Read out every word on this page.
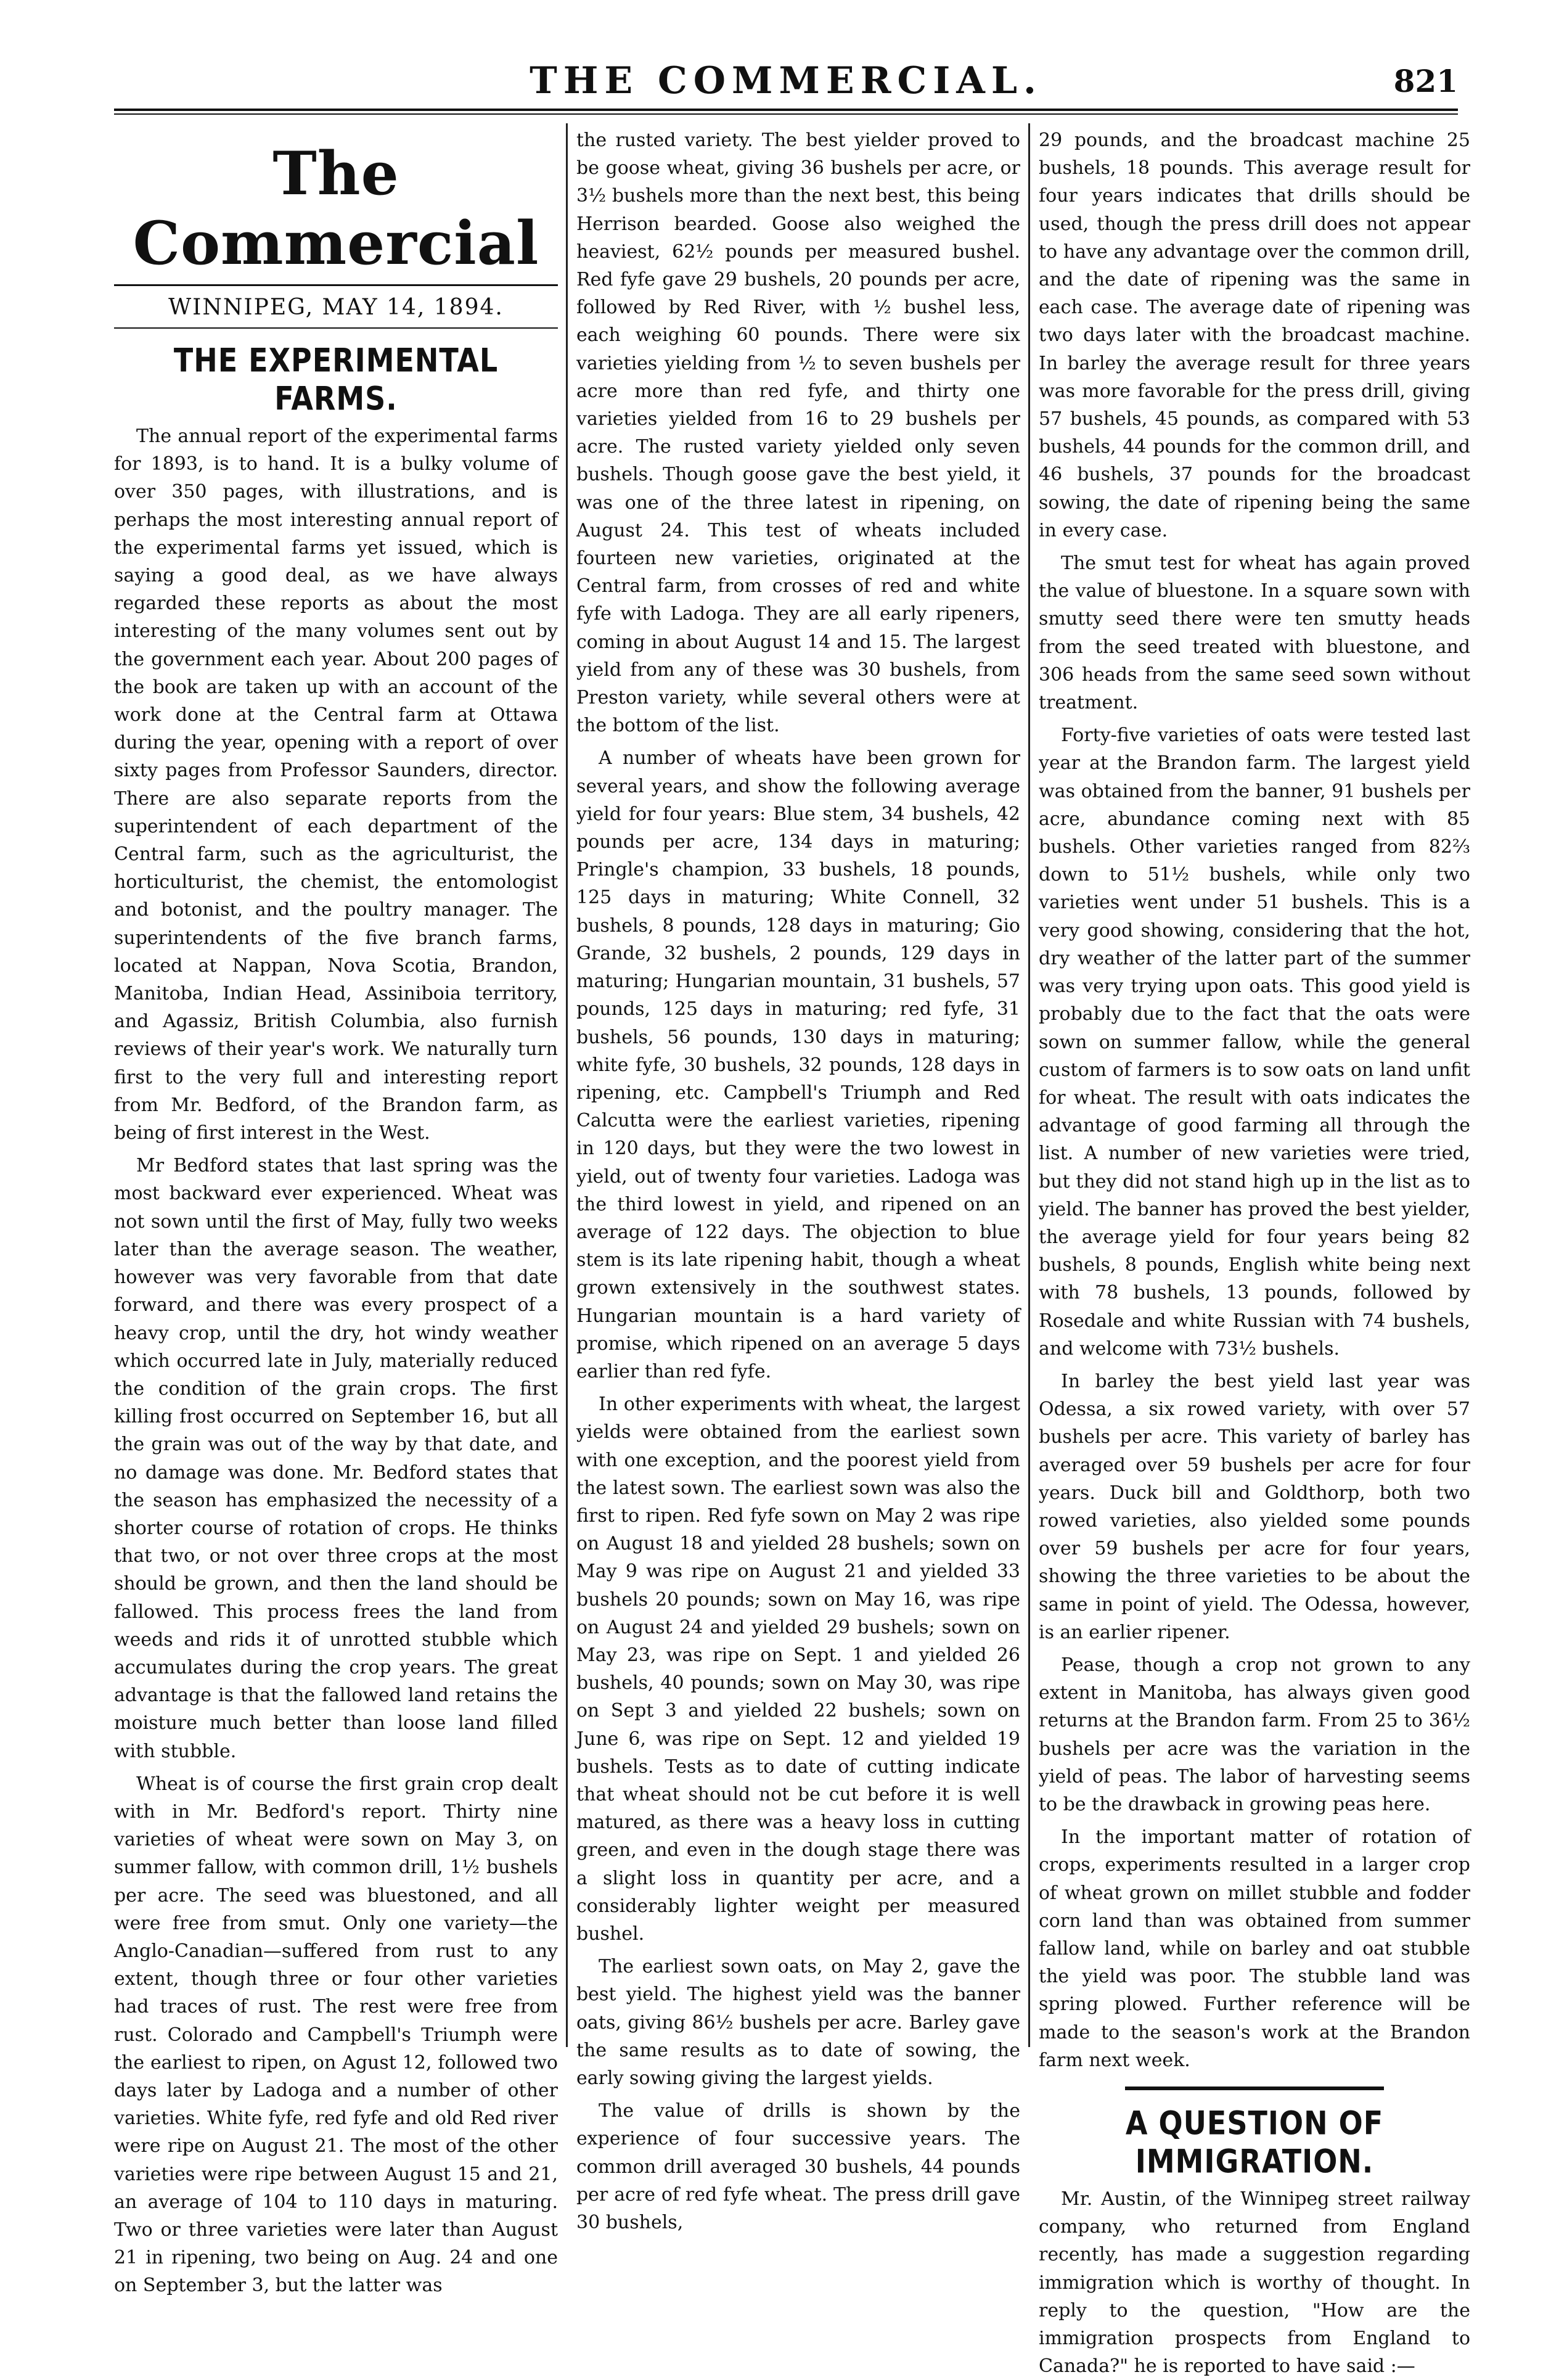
THE COMMERCIAL.	821
The Commercial
WINNIPEG, MAY 14, 1894.
THE EXPERIMENTAL FARMS.

The annual report of the experimental farms for 1893, is to hand. It is a bulky volume of over 350 pages, with illustrations, and is perhaps the most interesting annual report of the experimental farms yet issued, which is saying a good deal, as we have always regarded these reports as about the most interesting of the many volumes sent out by the government each year. About 200 pages of the book are taken up with an account of the work done at the Central farm at Ottawa during the year, opening with a report of over sixty pages from Professor Saunders, director. There are also separate reports from the superintendent of each department of the Central farm, such as the agriculturist, the horticulturist, the chemist, the entomologist and botonist, and the poultry manager. The superintendents of the five branch farms, located at Nappan, Nova Scotia, Brandon, Manitoba, Indian Head, Assiniboia territory, and Agassiz, British Columbia, also furnish reviews of their year's work. We naturally turn first to the very full and interesting report from Mr. Bedford, of the Brandon farm, as being of first interest in the West.

Mr Bedford states that last spring was the most backward ever experienced. Wheat was not sown until the first of May, fully two weeks later than the average season. The weather, however was very favorable from that date forward, and there was every prospect of a heavy crop, until the dry, hot windy weather which occurred late in July, materially reduced the condition of the grain crops. The first killing frost occurred on September 16, but all the grain was out of the way by that date, and no damage was done. Mr. Bedford states that the season has emphasized the necessity of a shorter course of rotation of crops. He thinks that two, or not over three crops at the most should be grown, and then the land should be fallowed. This process frees the land from weeds and rids it of unrotted stubble which accumulates during the crop years. The great advantage is that the fallowed land retains the moisture much better than loose land filled with stubble.

Wheat is of course the first grain crop dealt with in Mr. Bedford's report. Thirty nine varieties of wheat were sown on May 3, on summer fallow, with common drill, 1½ bushels per acre. The seed was bluestoned, and all were free from smut. Only one variety—the Anglo-Canadian—suffered from rust to any extent, though three or four other varieties had traces of rust. The rest were free from rust. Colorado and Campbell's Triumph were the earliest to ripen, on Agust 12, followed two days later by Ladoga and a number of other varieties. White fyfe, red fyfe and old Red river were ripe on August 21. The most of the other varieties were ripe between August 15 and 21, an average of 104 to 110 days in maturing. Two or three varieties were later than August 21 in ripening, two being on Aug. 24 and one on September 3, but the latter was

the rusted variety. The best yielder proved to be goose wheat, giving 36 bushels per acre, or 3½ bushels more than the next best, this being Herrison bearded. Goose also weighed the heaviest, 62½ pounds per measured bushel. Red fyfe gave 29 bushels, 20 pounds per acre, followed by Red River, with ½ bushel less, each weighing 60 pounds. There were six varieties yielding from ½ to seven bushels per acre more than red fyfe, and thirty one varieties yielded from 16 to 29 bushels per acre. The rusted variety yielded only seven bushels. Though goose gave the best yield, it was one of the three latest in ripening, on August 24. This test of wheats included fourteen new varieties, originated at the Central farm, from crosses of red and white fyfe with Ladoga. They are all early ripeners, coming in about August 14 and 15. The largest yield from any of these was 30 bushels, from Preston variety, while several others were at the bottom of the list.

A number of wheats have been grown for several years, and show the following average yield for four years: Blue stem, 34 bushels, 42 pounds per acre, 134 days in maturing; Pringle's champion, 33 bushels, 18 pounds, 125 days in maturing; White Connell, 32 bushels, 8 pounds, 128 days in maturing; Gio Grande, 32 bushels, 2 pounds, 129 days in maturing; Hungarian mountain, 31 bushels, 57 pounds, 125 days in maturing; red fyfe, 31 bushels, 56 pounds, 130 days in maturing; white fyfe, 30 bushels, 32 pounds, 128 days in ripening, etc. Campbell's Triumph and Red Calcutta were the earliest varieties, ripening in 120 days, but they were the two lowest in yield, out of twenty four varieties. Ladoga was the third lowest in yield, and ripened on an average of 122 days. The objection to blue stem is its late ripening habit, though a wheat grown extensively in the southwest states. Hungarian mountain is a hard variety of promise, which ripened on an average 5 days earlier than red fyfe.

In other experiments with wheat, the largest yields were obtained from the earliest sown with one exception, and the poorest yield from the latest sown. The earliest sown was also the first to ripen. Red fyfe sown on May 2 was ripe on August 18 and yielded 28 bushels; sown on May 9 was ripe on August 21 and yielded 33 bushels 20 pounds; sown on May 16, was ripe on August 24 and yielded 29 bushels; sown on May 23, was ripe on Sept. 1 and yielded 26 bushels, 40 pounds; sown on May 30, was ripe on Sept 3 and yielded 22 bushels; sown on June 6, was ripe on Sept. 12 and yielded 19 bushels. Tests as to date of cutting indicate that wheat should not be cut before it is well matured, as there was a heavy loss in cutting green, and even in the dough stage there was a slight loss in quantity per acre, and a considerably lighter weight per measured bushel.

The earliest sown oats, on May 2, gave the best yield. The highest yield was the banner oats, giving 86½ bushels per acre. Barley gave the same results as to date of sowing, the early sowing giving the largest yields.

The value of drills is shown by the experience of four successive years. The common drill averaged 30 bushels, 44 pounds per acre of red fyfe wheat. The press drill gave 30 bushels,

29 pounds, and the broadcast machine 25 bushels, 18 pounds. This average result for four years indicates that drills should be used, though the press drill does not appear to have any advantage over the common drill, and the date of ripening was the same in each case. The average date of ripening was two days later with the broadcast machine. In barley the average result for three years was more favorable for the press drill, giving 57 bushels, 45 pounds, as compared with 53 bushels, 44 pounds for the common drill, and 46 bushels, 37 pounds for the broadcast sowing, the date of ripening being the same in every case.

The smut test for wheat has again proved the value of bluestone. In a square sown with smutty seed there were ten smutty heads from the seed treated with bluestone, and 306 heads from the same seed sown without treatment.

Forty-five varieties of oats were tested last year at the Brandon farm. The largest yield was obtained from the banner, 91 bushels per acre, abundance coming next with 85 bushels. Other varieties ranged from 82⅔ down to 51½ bushels, while only two varieties went under 51 bushels. This is a very good showing, considering that the hot, dry weather of the latter part of the summer was very trying upon oats. This good yield is probably due to the fact that the oats were sown on summer fallow, while the general custom of farmers is to sow oats on land unfit for wheat. The result with oats indicates the advantage of good farming all through the list. A number of new varieties were tried, but they did not stand high up in the list as to yield. The banner has proved the best yielder, the average yield for four years being 82 bushels, 8 pounds, English white being next with 78 bushels, 13 pounds, followed by Rosedale and white Russian with 74 bushels, and welcome with 73½ bushels.

In barley the best yield last year was Odessa, a six rowed variety, with over 57 bushels per acre. This variety of barley has averaged over 59 bushels per acre for four years. Duck bill and Goldthorp, both two rowed varieties, also yielded some pounds over 59 bushels per acre for four years, showing the three varieties to be about the same in point of yield. The Odessa, however, is an earlier ripener.

Pease, though a crop not grown to any extent in Manitoba, has always given good returns at the Brandon farm. From 25 to 36½ bushels per acre was the variation in the yield of peas. The labor of harvesting seems to be the drawback in growing peas here.

In the important matter of rotation of crops, experiments resulted in a larger crop of wheat grown on millet stubble and fodder corn land than was obtained from summer fallow land, while on barley and oat stubble the yield was poor. The stubble land was spring plowed. Further reference will be made to the season's work at the Brandon farm next week.

A QUESTION OF IMMIGRATION.

Mr. Austin, of the Winnipeg street railway company, who returned from England recently, has made a suggestion regarding immigration which is worthy of thought. In reply to the question, "How are the immigration prospects from England to Canada?" he is reported to have said :—
